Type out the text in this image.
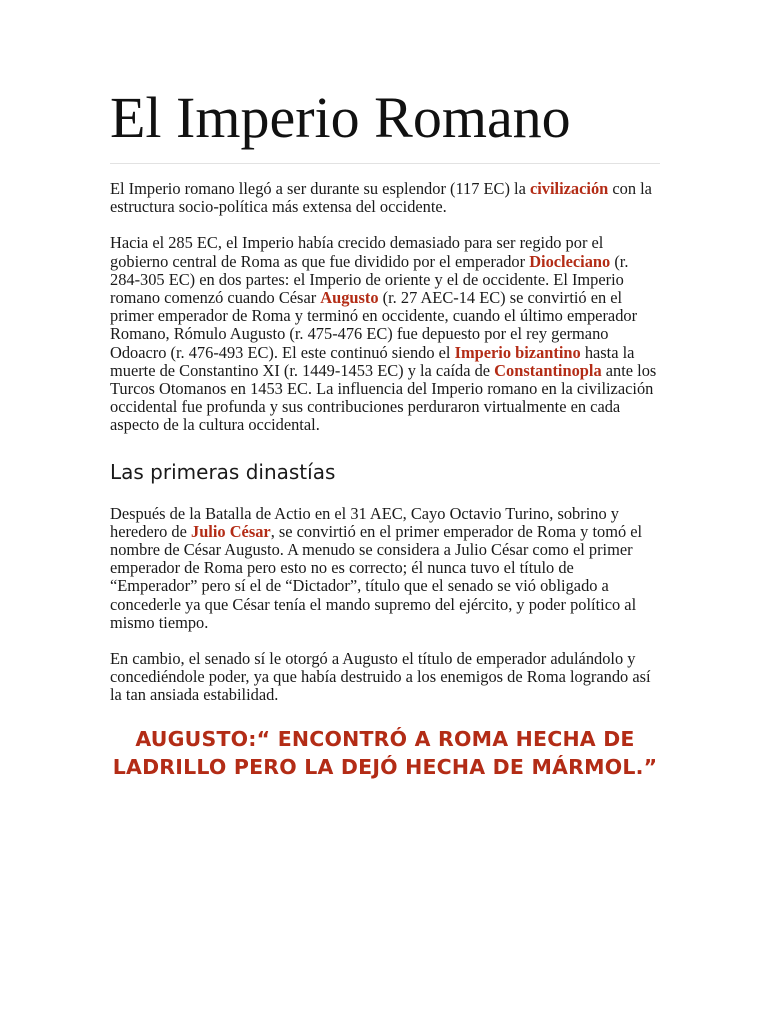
El Imperio Romano

El Imperio romano llegó a ser durante su esplendor (117 EC) la civilización con la estructura socio-política más extensa del occidente.

Hacia el 285 EC, el Imperio había crecido demasiado para ser regido por el gobierno central de Roma as que fue dividido por el emperador Diocleciano (r. 284-305 EC) en dos partes: el Imperio de oriente y el de occidente. El Imperio romano comenzó cuando César Augusto (r. 27 AEC-14 EC) se convirtió en el primer emperador de Roma y terminó en occidente, cuando el último emperador Romano, Rómulo Augusto (r. 475-476 EC) fue depuesto por el rey germano Odoacro (r. 476-493 EC). El este continuó siendo el Imperio bizantino hasta la muerte de Constantino XI (r. 1449-1453 EC) y la caída de Constantinopla ante los Turcos Otomanos en 1453 EC. La influencia del Imperio romano en la civilización occidental fue profunda y sus contribuciones perduraron virtualmente en cada aspecto de la cultura occidental.

Las primeras dinastías

Después de la Batalla de Actio en el 31 AEC, Cayo Octavio Turino, sobrino y heredero de Julio César, se convirtió en el primer emperador de Roma y tomó el nombre de César Augusto. A menudo se considera a Julio César como el primer emperador de Roma pero esto no es correcto; él nunca tuvo el título de “Emperador” pero sí el de “Dictador”, título que el senado se vió obligado a concederle ya que César tenía el mando supremo del ejército, y poder político al mismo tiempo.

En cambio, el senado sí le otorgó a Augusto el título de emperador adulándolo y concediéndole poder, ya que había destruido a los enemigos de Roma logrando así la tan ansiada estabilidad.

AUGUSTO:“ ENCONTRÓ A ROMA HECHA DE LADRILLO PERO LA DEJÓ HECHA DE MÁRMOL.”
